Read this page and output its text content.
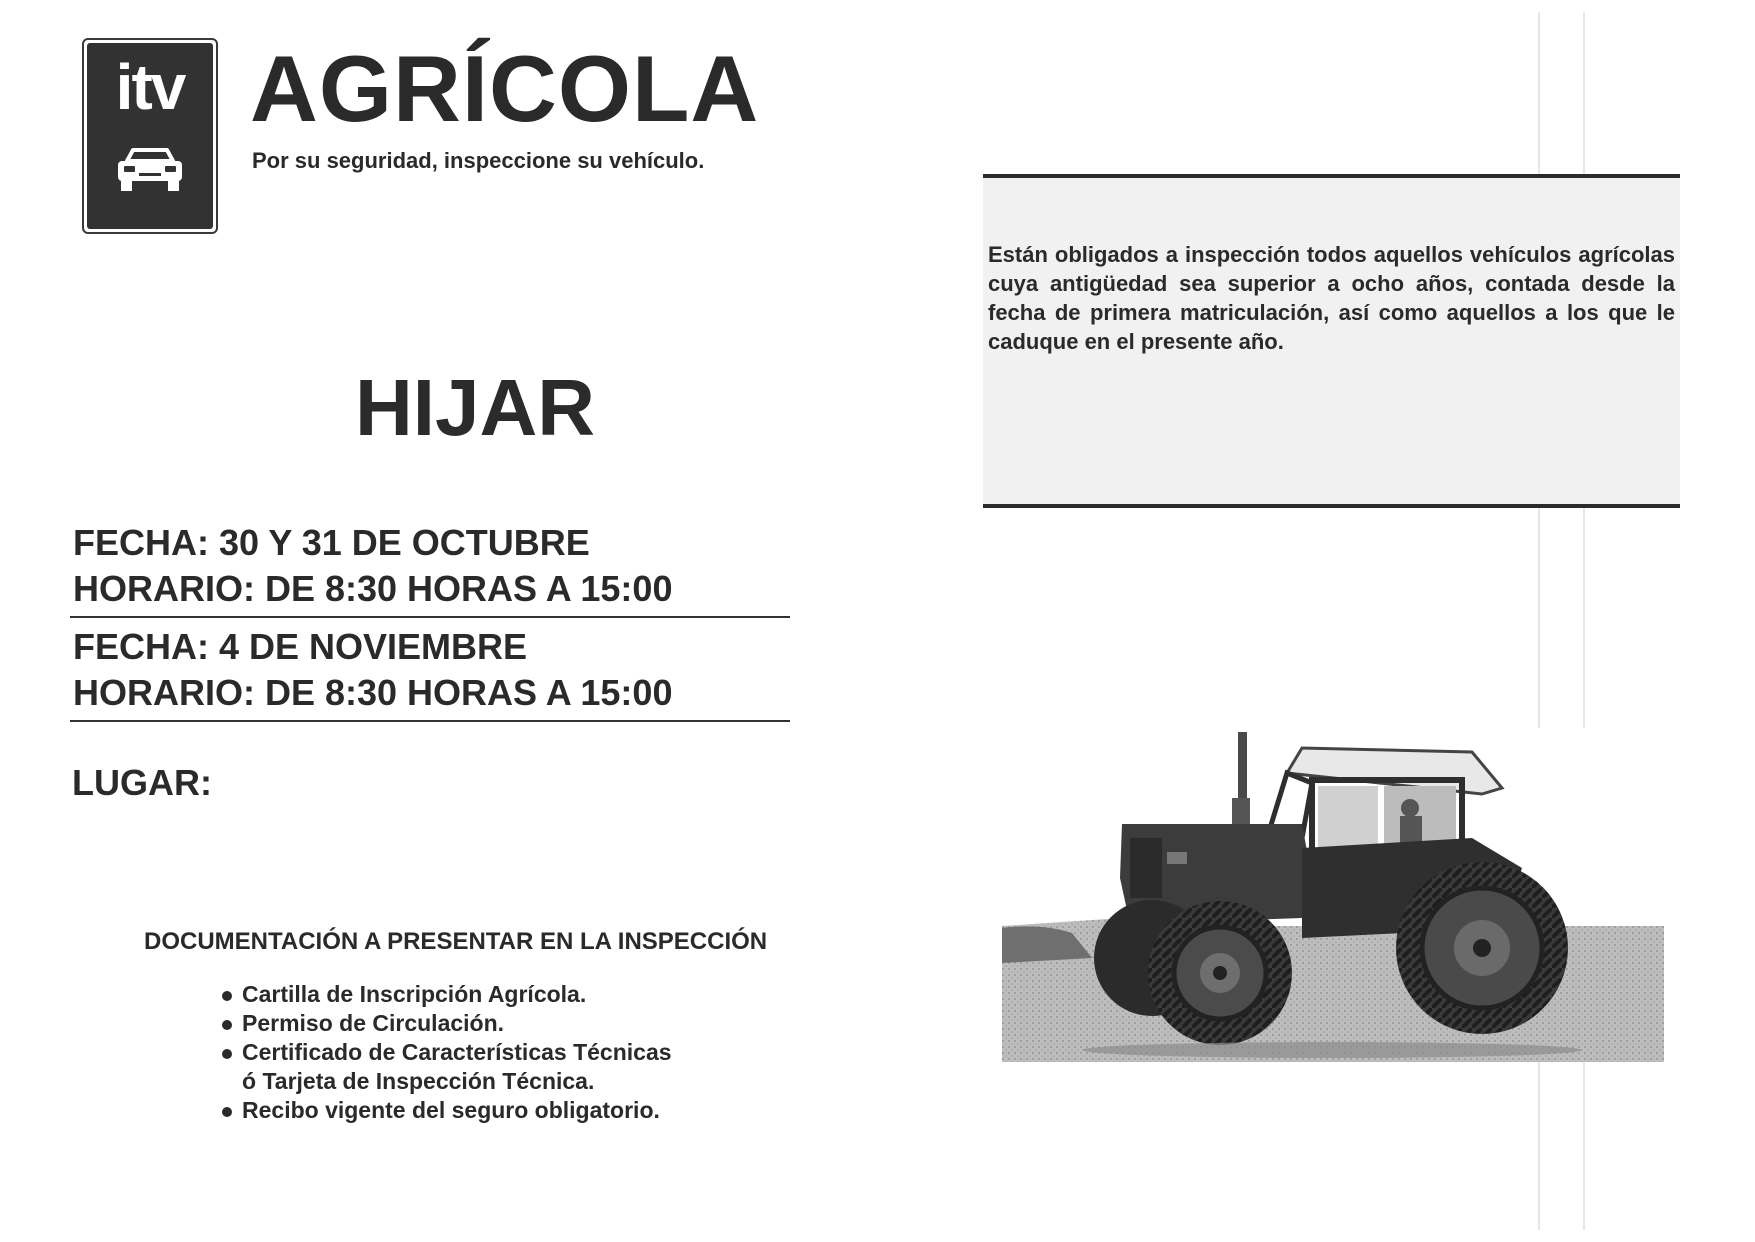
itv AGRÍCOLA
Por su seguridad, inspeccione su vehículo.
HIJAR
FECHA: 30 Y 31 DE OCTUBRE
HORARIO: DE 8:30 HORAS A 15:00
FECHA: 4 DE NOVIEMBRE
HORARIO: DE 8:30 HORAS A 15:00
LUGAR:
DOCUMENTACIÓN A PRESENTAR EN LA INSPECCIÓN
Cartilla de Inscripción Agrícola.
Permiso de Circulación.
Certificado de Características Técnicas
ó Tarjeta de Inspección Técnica.
Recibo vigente del seguro obligatorio.

Están obligados a inspección todos aquellos vehículos agrícolas cuya antigüedad sea superior a ocho años, contada desde la fecha de primera matriculación, así como aquellos a los que le caduque en el presente año.
